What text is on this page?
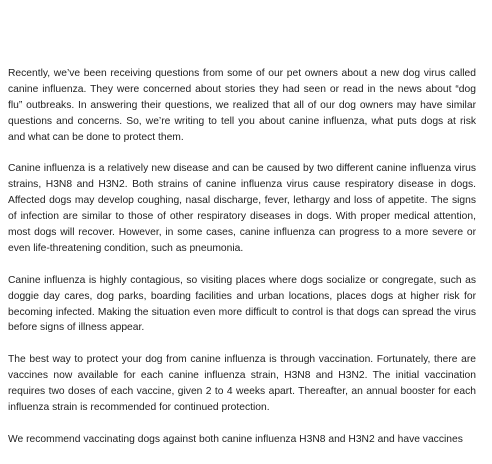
Recently, we’ve been receiving questions from some of our pet owners about a new dog virus called canine influenza. They were concerned about stories they had seen or read in the news about “dog flu” outbreaks. In answering their questions, we realized that all of our dog owners may have similar questions and concerns. So, we’re writing to tell you about canine influenza, what puts dogs at risk and what can be done to protect them.

Canine influenza is a relatively new disease and can be caused by two different canine influenza virus strains, H3N8 and H3N2. Both strains of canine influenza virus cause respiratory disease in dogs. Affected dogs may develop coughing, nasal discharge, fever, lethargy and loss of appetite. The signs of infection are similar to those of other respiratory diseases in dogs. With proper medical attention, most dogs will recover. However, in some cases, canine influenza can progress to a more severe or even life-threatening condition, such as pneumonia.

Canine influenza is highly contagious, so visiting places where dogs socialize or congregate, such as doggie day cares, dog parks, boarding facilities and urban locations, places dogs at higher risk for becoming infected. Making the situation even more difficult to control is that dogs can spread the virus before signs of illness appear.

The best way to protect your dog from canine influenza is through vaccination. Fortunately, there are vaccines now available for each canine influenza strain, H3N8 and H3N2. The initial vaccination requires two doses of each vaccine, given 2 to 4 weeks apart. Thereafter, an annual booster for each influenza strain is recommended for continued protection.

We recommend vaccinating dogs against both canine influenza H3N8 and H3N2 and have vaccines
